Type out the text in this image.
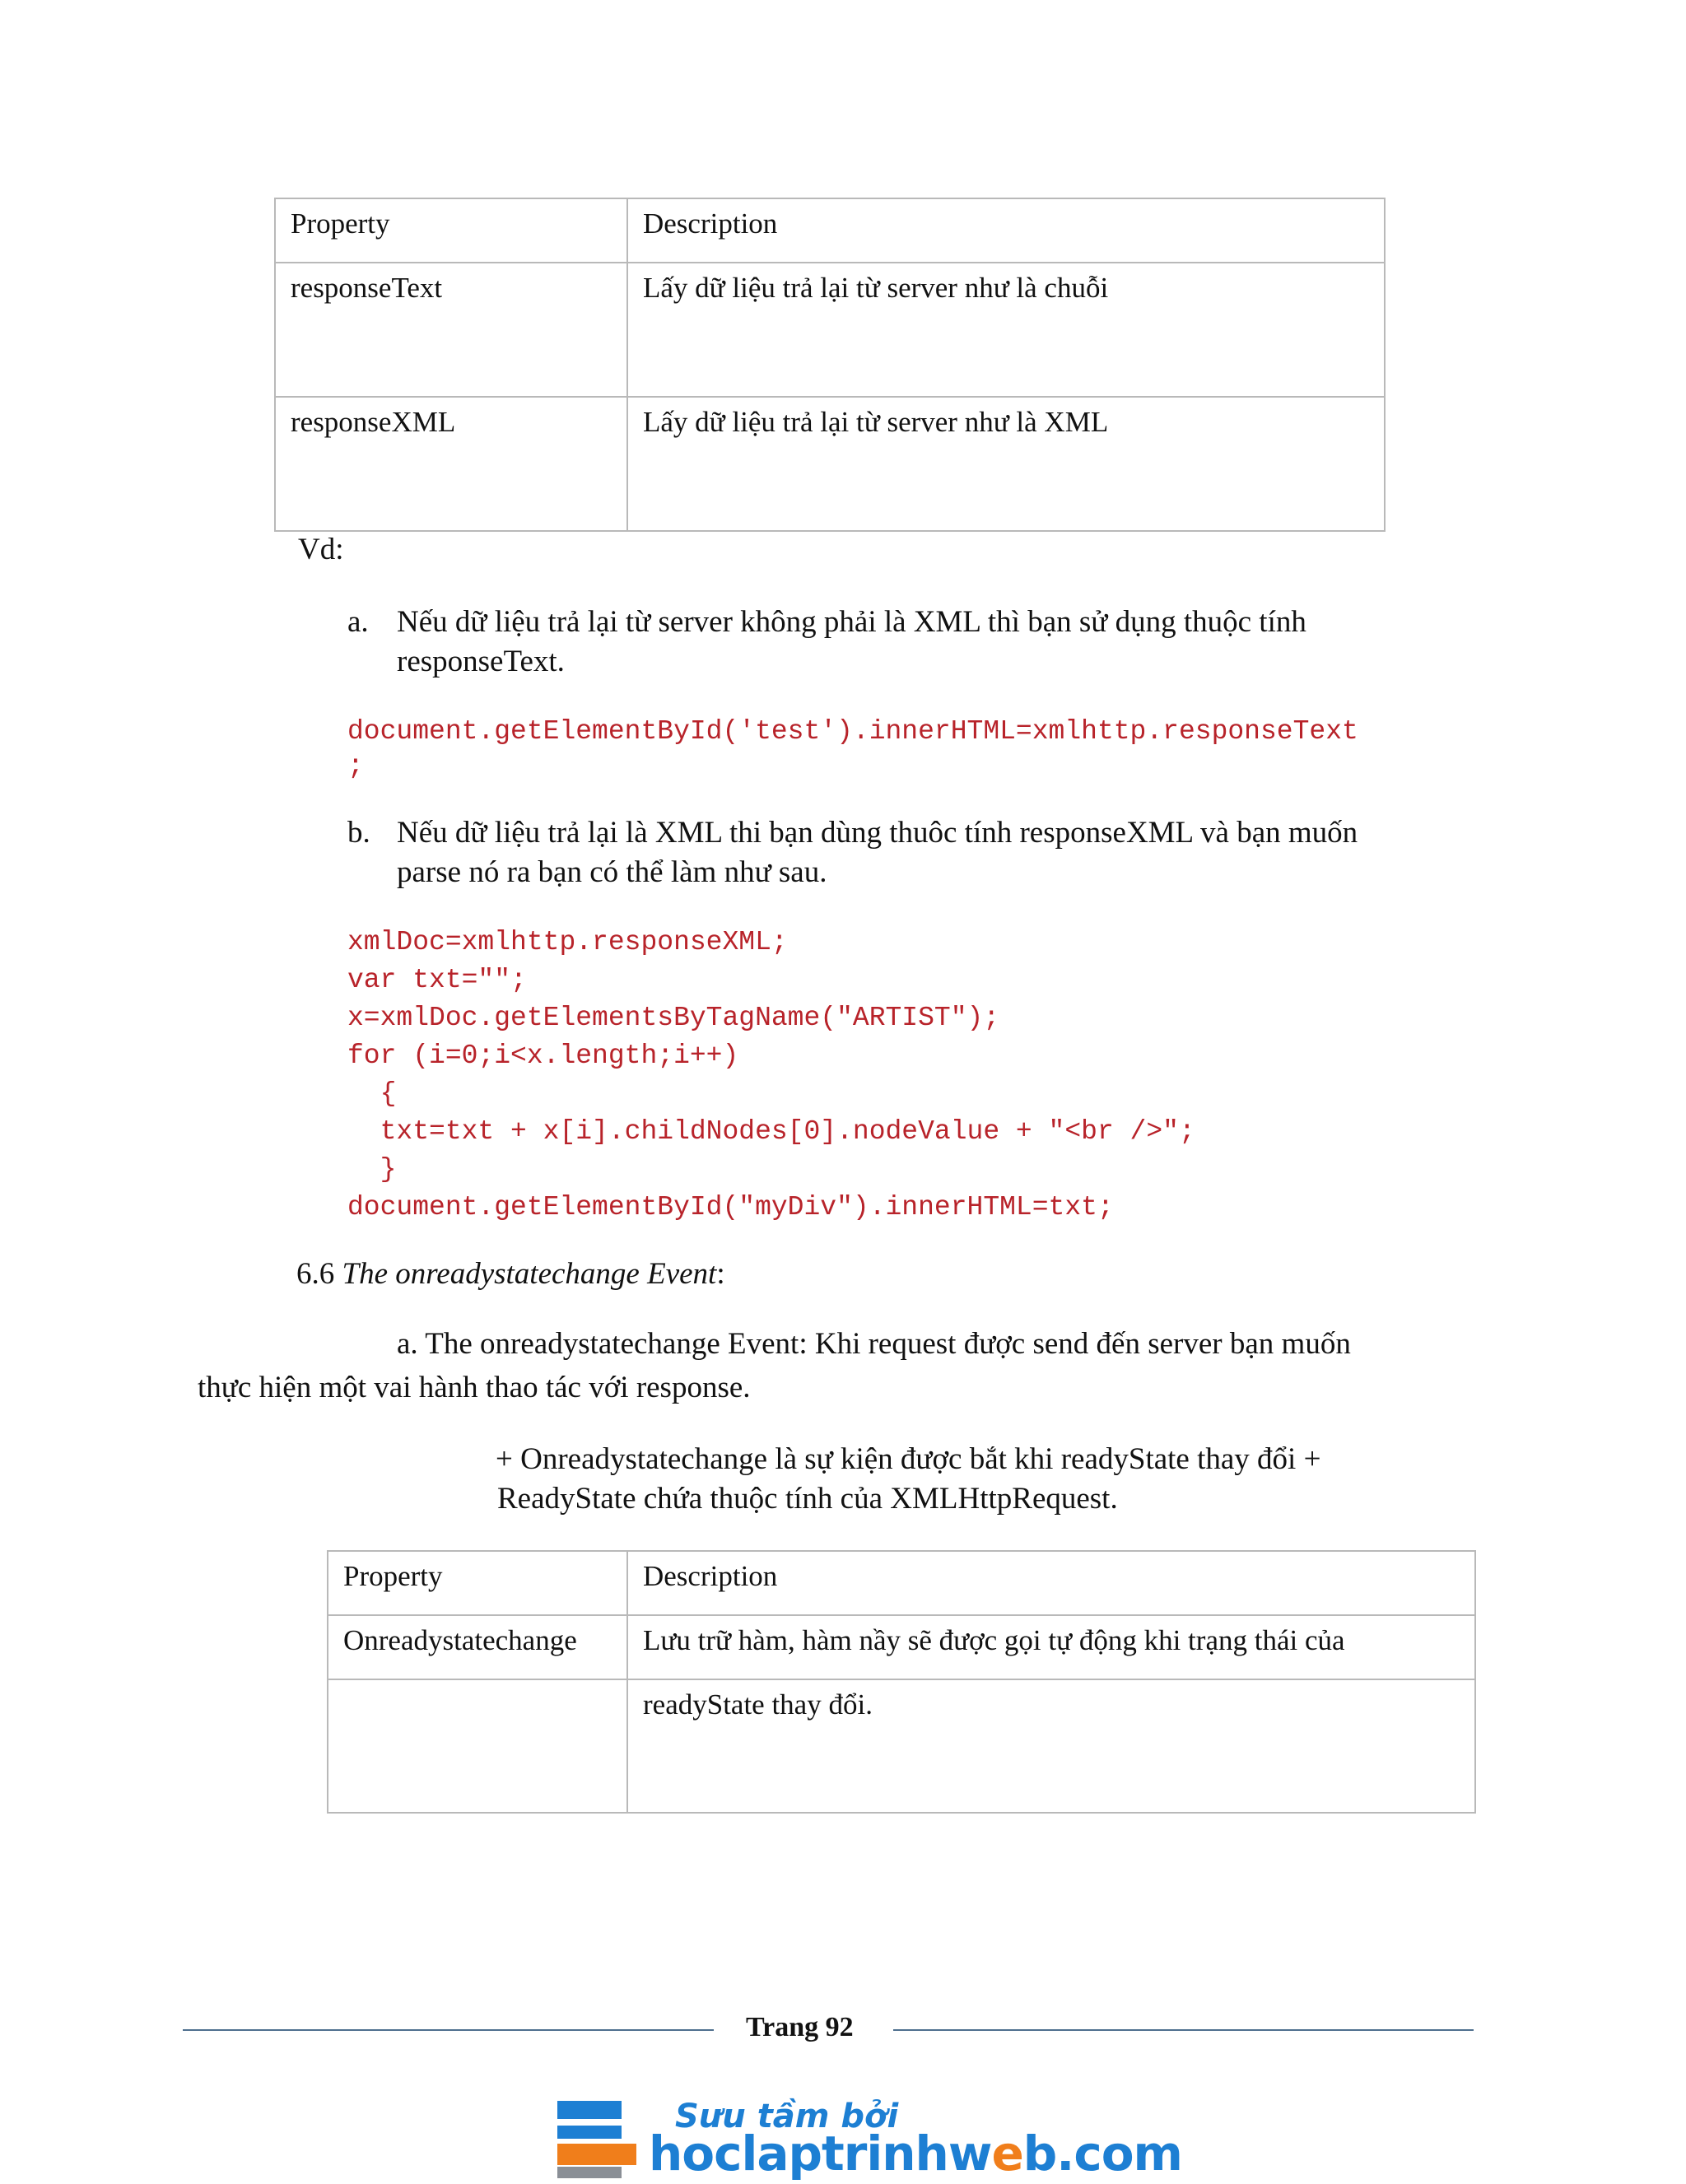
Property	Description
responseText	Lấy dữ liệu trả lại từ server như là chuỗi
responseXML	Lấy dữ liệu trả lại từ server như là XML
Vd:
a. Nếu dữ liệu trả lại từ server không phải là XML thì bạn sử dụng thuộc tính
responseText.
document.getElementById('test').innerHTML=xmlhttp.responseText
;
b. Nếu dữ liệu trả lại là XML thi bạn dùng thuôc tính responseXML và bạn muốn
parse nó ra bạn có thể làm như sau.
xmlDoc=xmlhttp.responseXML;
var txt="";
x=xmlDoc.getElementsByTagName("ARTIST");
for (i=0;i<x.length;i++)
{
txt=txt + x[i].childNodes[0].nodeValue + "<br />";
}
document.getElementById("myDiv").innerHTML=txt;
6.6 The onreadystatechange Event:
a. The onreadystatechange Event: Khi request được send đến server bạn muốn
thực hiện một vai hành thao tác với response.
+ Onreadystatechange là sự kiện được bắt khi readyState thay đổi +
ReadyState chứa thuộc tính của XMLHttpRequest.
Property	Description
Onreadystatechange	Lưu trữ hàm, hàm nầy sẽ được gọi tự động khi trạng thái của
	readyState thay đổi.
Trang 92
Sưu tầm bởi
hoclaptrinhweb.com
